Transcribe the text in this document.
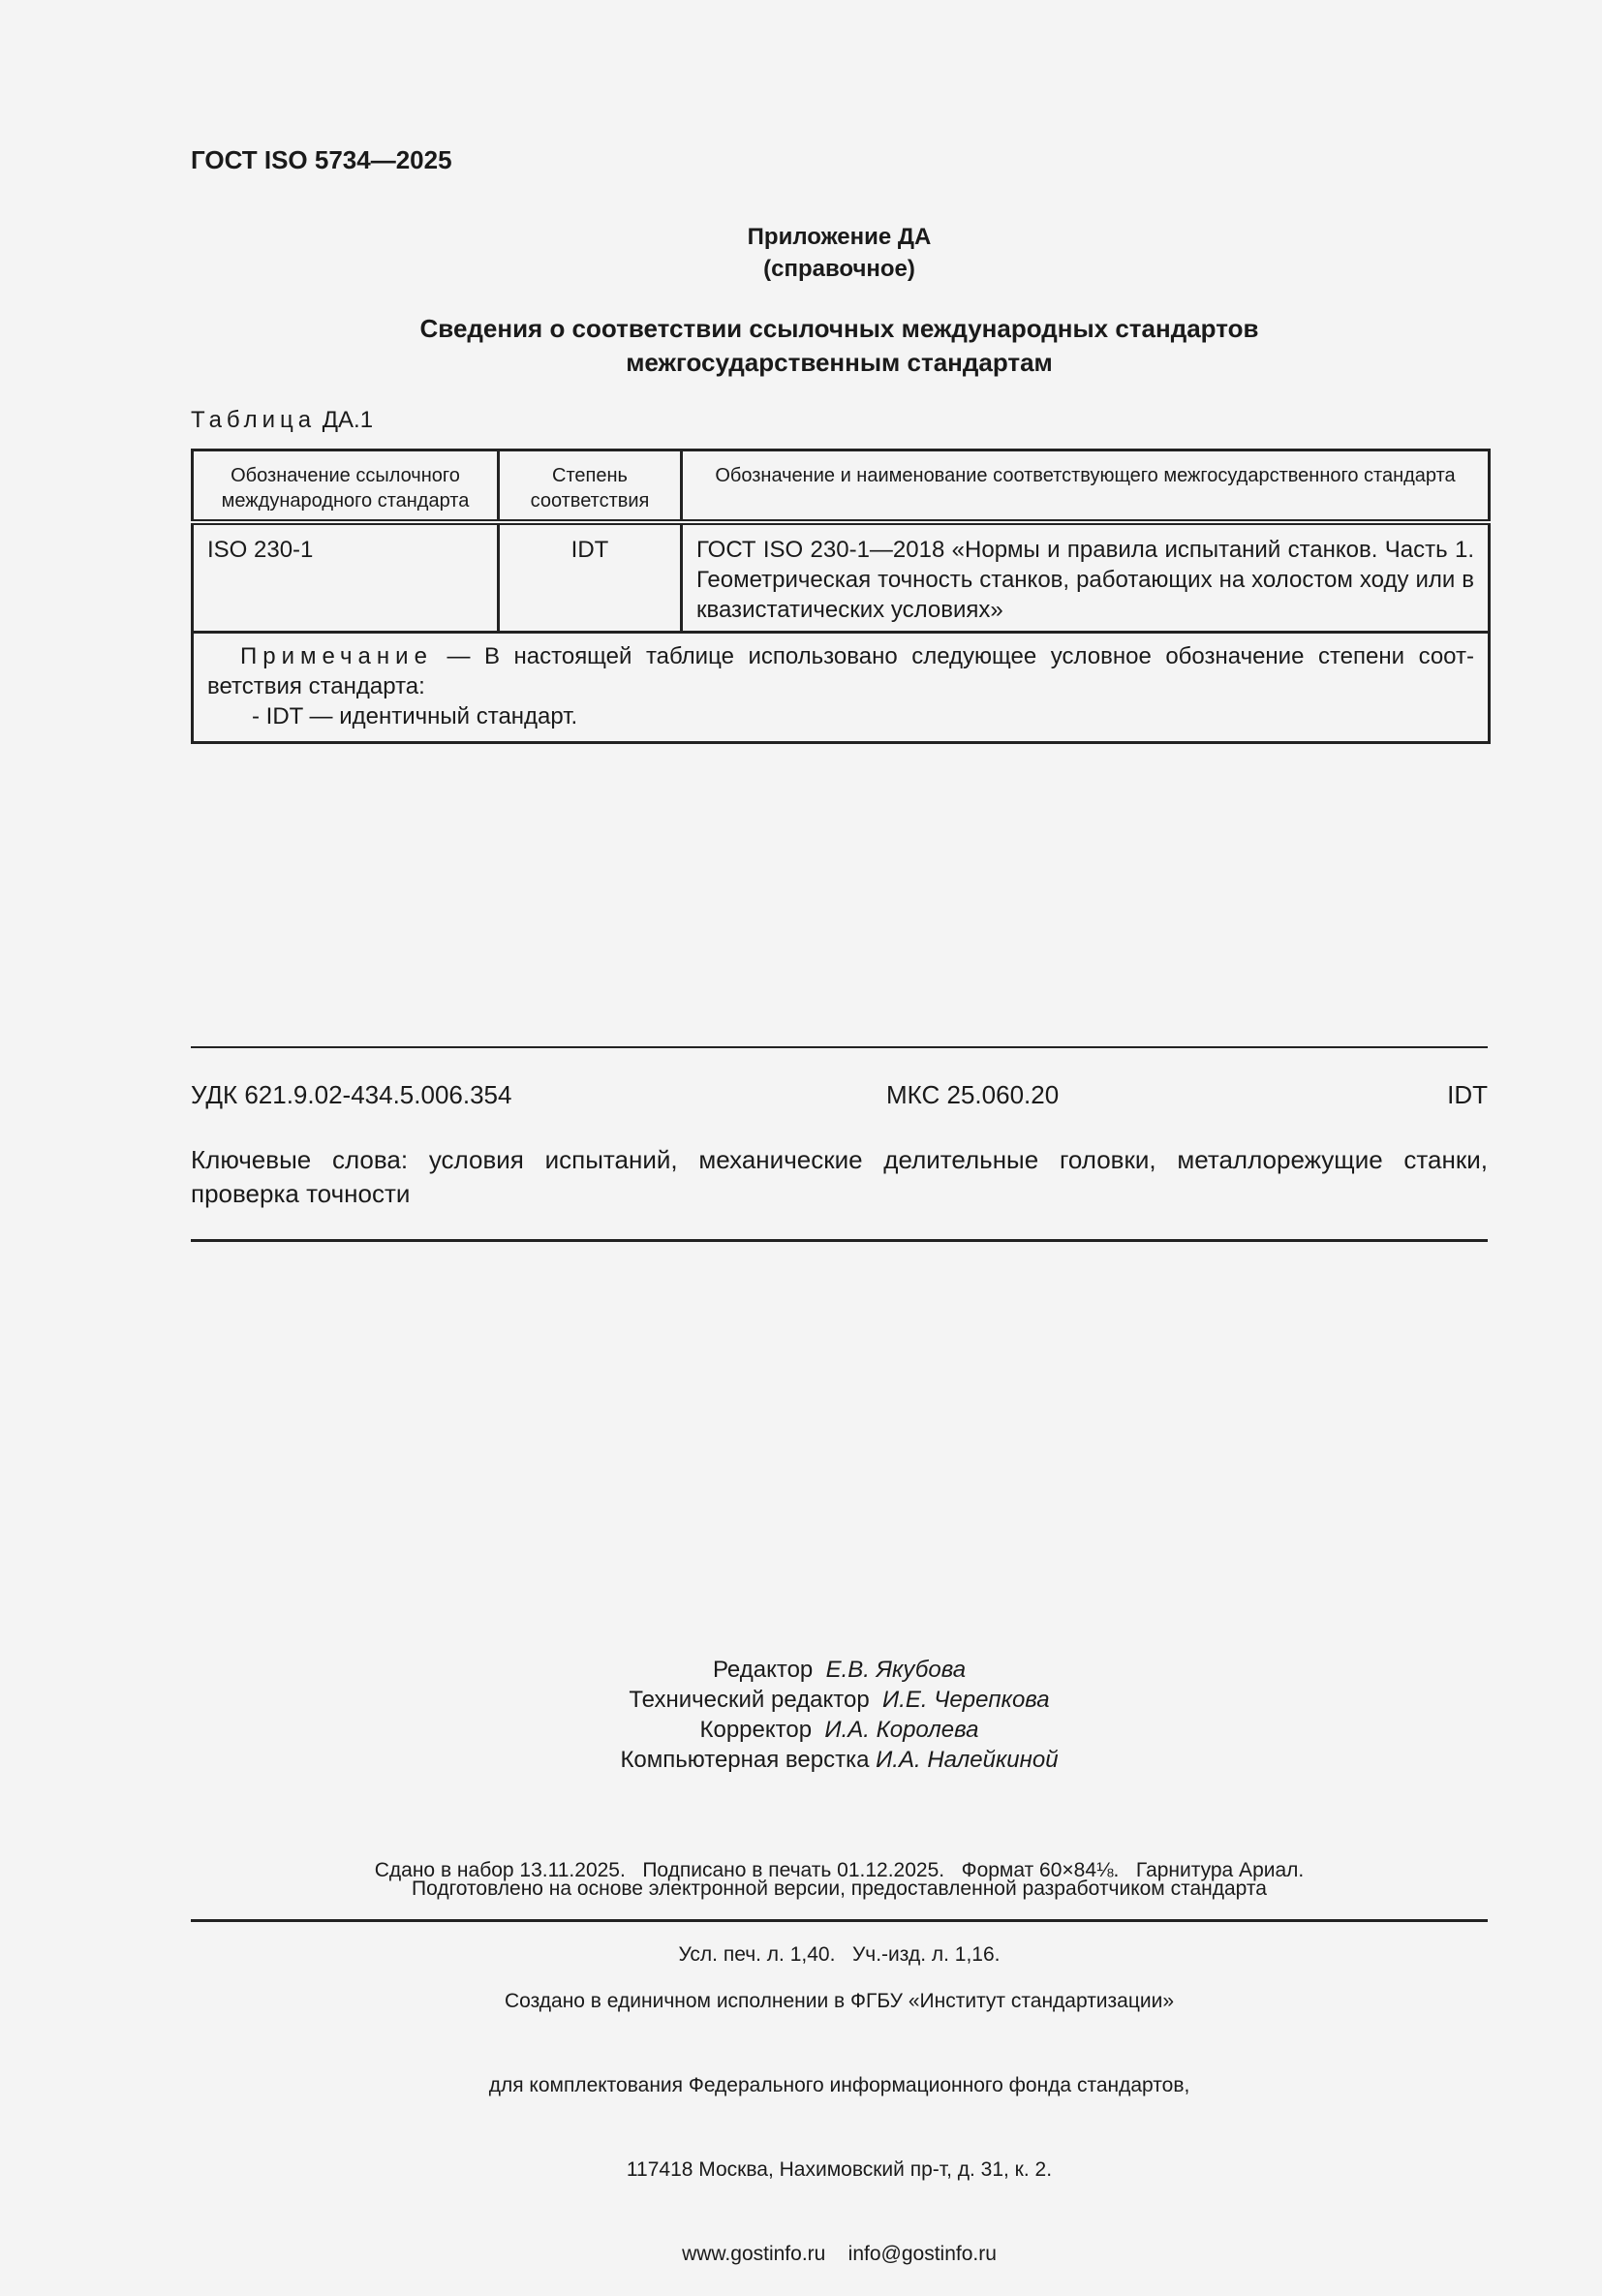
ГОСТ ISO 5734—2025
Приложение ДА
(справочное)
Сведения о соответствии ссылочных международных стандартов
межгосударственным стандартам
Таблица ДА.1
Обозначение ссылочного международного стандарта	Степень соответствия	Обозначение и наименование соответствующего межгосударственного стандарта
ISO 230-1	IDT	ГОСТ ISO 230-1—2018 «Нормы и правила испытаний станков. Часть 1. Геометрическая точность станков, работающих на холостом ходу или в квазистатических условиях»
Примечание — В настоящей таблице использовано следующее условное обозначение степени соот-ветствия стандарта:
- IDT — идентичный стандарт.		
УДК 621.9.02-434.5.006.354	МКС 25.060.20	IDT
Ключевые слова: условия испытаний, механические делительные головки, металлорежущие станки, проверка точности
Редактор Е.В. Якубова
Технический редактор И.Е. Черепкова
Корректор И.А. Королева
Компьютерная верстка И.А. Налейкиной

Сдано в набор 13.11.2025.   Подписано в печать 01.12.2025.   Формат 60×84⅛.   Гарнитура Ариал.

Усл. печ. л. 1,40.   Уч.-изд. л. 1,16.

Подготовлено на основе электронной версии, предоставленной разработчиком стандарта

Создано в единичном исполнении в ФГБУ «Институт стандартизации»

для комплектования Федерального информационного фонда стандартов,

117418 Москва, Нахимовский пр-т, д. 31, к. 2.

www.gostinfo.ru    info@gostinfo.ru
